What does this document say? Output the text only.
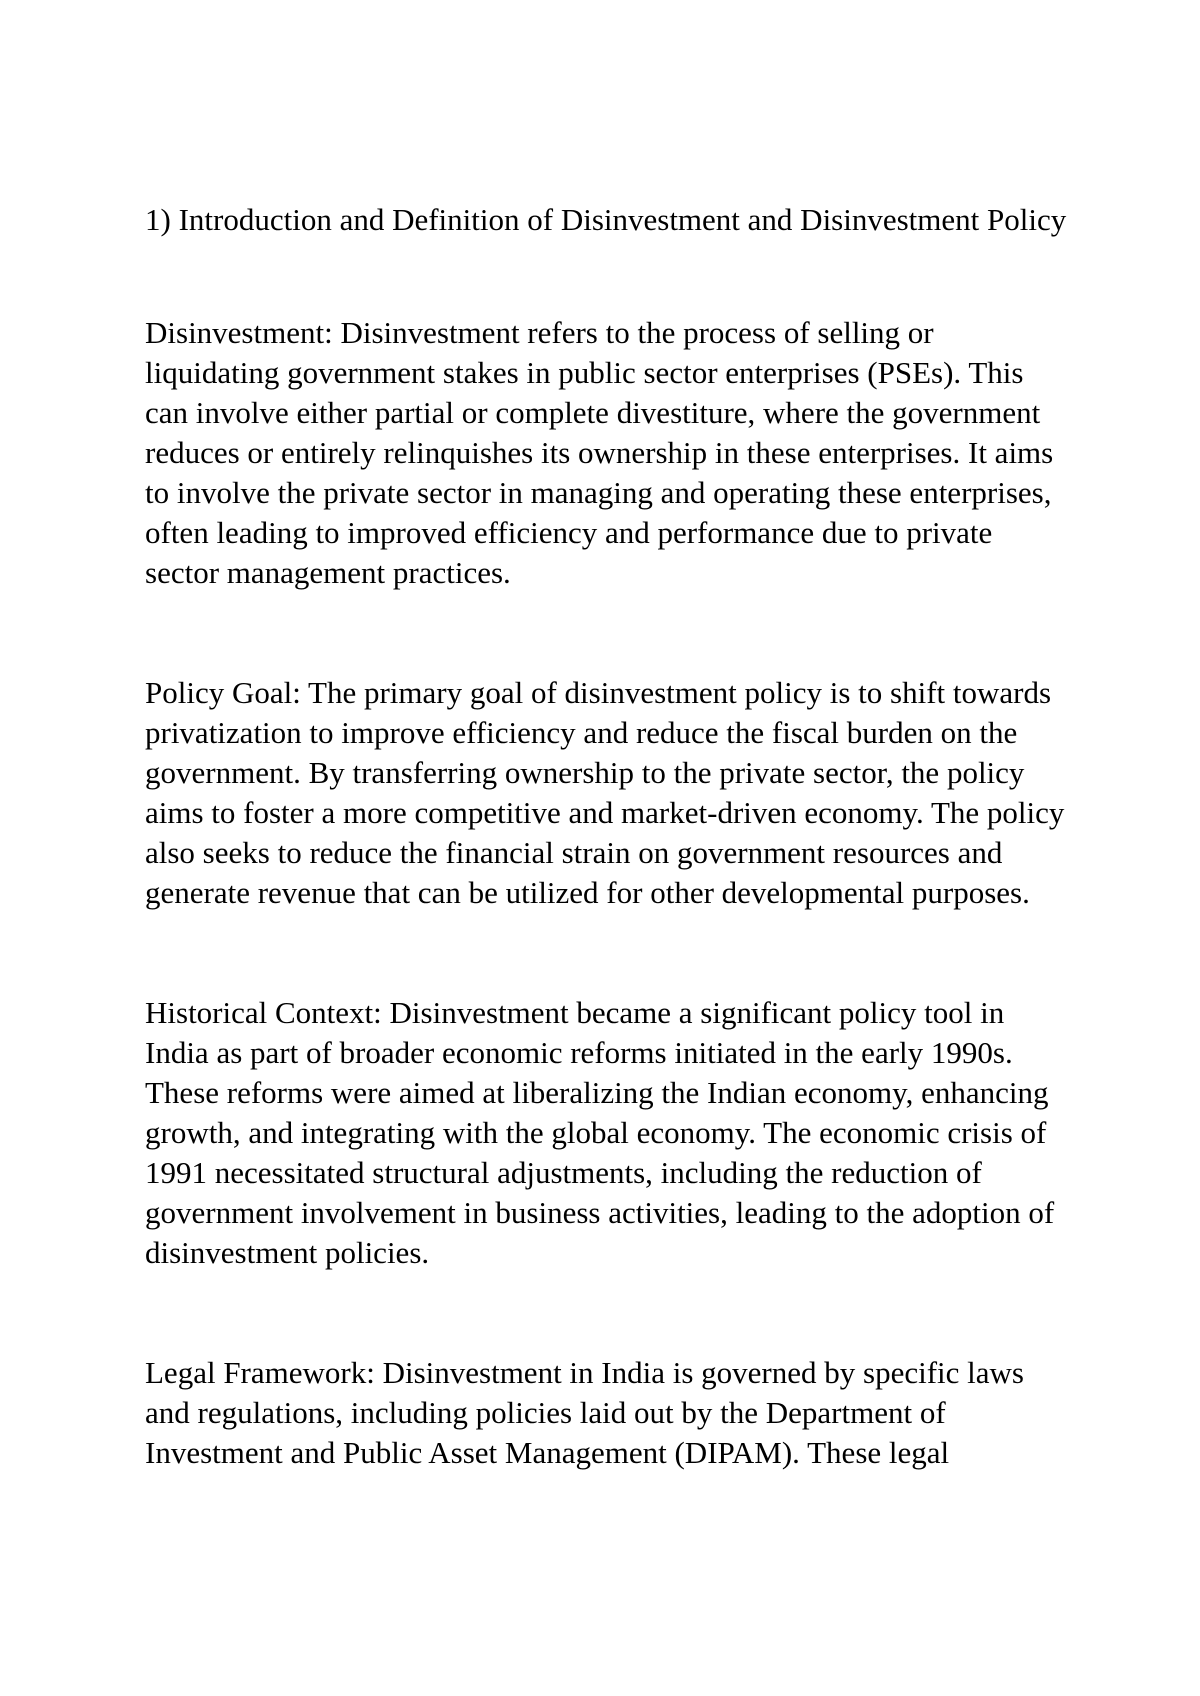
1) Introduction and Definition of Disinvestment and Disinvestment Policy

Disinvestment: Disinvestment refers to the process of selling or liquidating government stakes in public sector enterprises (PSEs). This can involve either partial or complete divestiture, where the government reduces or entirely relinquishes its ownership in these enterprises. It aims to involve the private sector in managing and operating these enterprises, often leading to improved efficiency and performance due to private sector management practices.

Policy Goal: The primary goal of disinvestment policy is to shift towards privatization to improve efficiency and reduce the fiscal burden on the government. By transferring ownership to the private sector, the policy aims to foster a more competitive and market-driven economy. The policy also seeks to reduce the financial strain on government resources and generate revenue that can be utilized for other developmental purposes.

Historical Context: Disinvestment became a significant policy tool in India as part of broader economic reforms initiated in the early 1990s. These reforms were aimed at liberalizing the Indian economy, enhancing growth, and integrating with the global economy. The economic crisis of 1991 necessitated structural adjustments, including the reduction of government involvement in business activities, leading to the adoption of disinvestment policies.

Legal Framework: Disinvestment in India is governed by specific laws and regulations, including policies laid out by the Department of Investment and Public Asset Management (DIPAM). These legal
